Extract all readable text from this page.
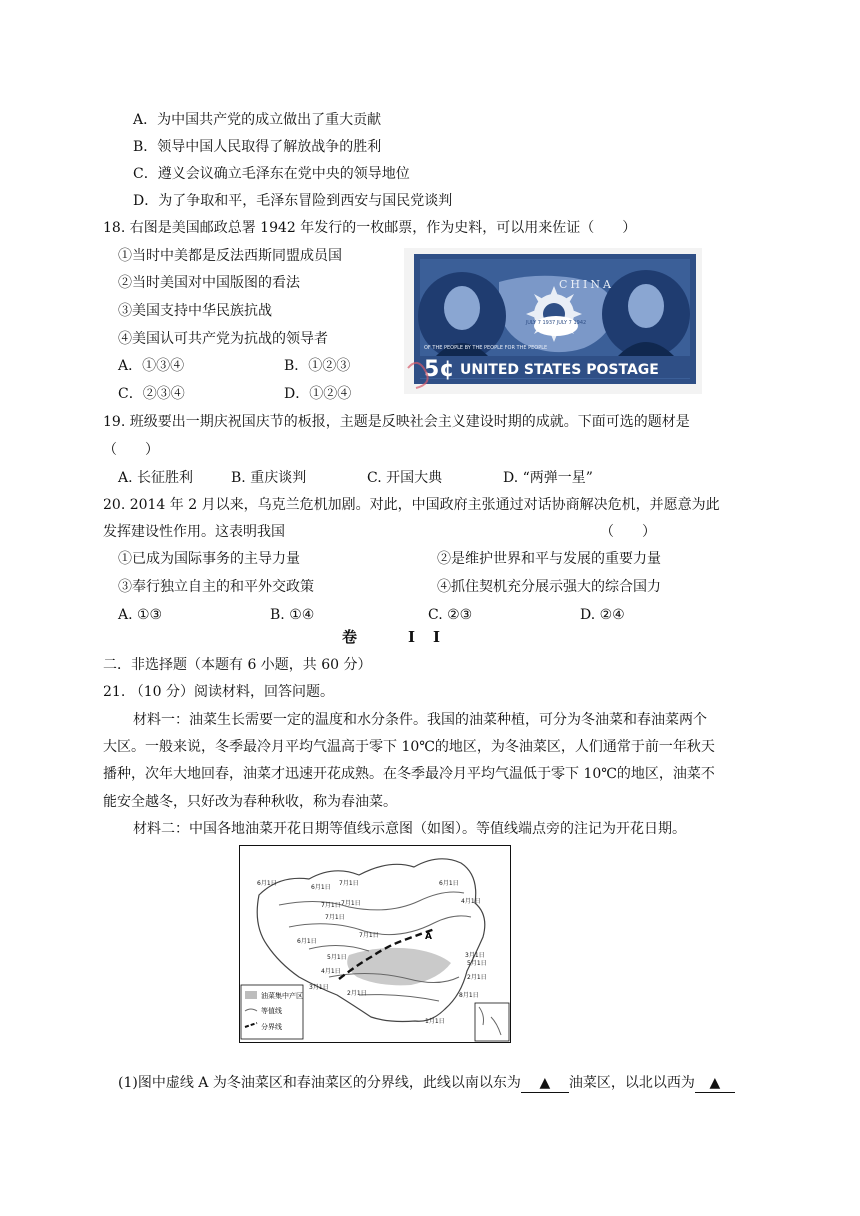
A．为中国共产党的成立做出了重大贡献
B．领导中国人民取得了解放战争的胜利
C．遵义会议确立毛泽东在党中央的领导地位
D．为了争取和平，毛泽东冒险到西安与国民党谈判
18. 右图是美国邮政总署 1942 年发行的一枚邮票，作为史料，可以用来佐证（　　）
①当时中美都是反法西斯同盟成员国
②当时美国对中国版图的看法
③美国支持中华民族抗战
④美国认可共产党为抗战的领导者
A．①③④	B．①②③
C．②③④	D．①②④
JULY 7 1937 JULY 7 1942
CHINA
OF THE PEOPLE BY THE PEOPLE FOR THE PEOPLE
5¢ UNITED STATES POSTAGE
19. 班级要出一期庆祝国庆节的板报，主题是反映社会主义建设时期的成就。下面可选的题材是
（　　）
A. 长征胜利	B. 重庆谈判	C. 开国大典	D. “两弹一星”
20. 2014 年 2 月以来，乌克兰危机加剧。对此，中国政府主张通过对话协商解决危机，并愿意为此
发挥建设性作用。这表明我国	（　　）
①已成为国际事务的主导力量	②是维护世界和平与发展的重要力量
③奉行独立自主的和平外交政策	④抓住契机充分展示强大的综合国力
A. ①③	B. ①④	C. ②③	D. ②④
卷　II
二．非选择题（本题有 6 小题，共 60 分）
21. （10 分）阅读材料，回答问题。
材料一：油菜生长需要一定的温度和水分条件。我国的油菜种植，可分为冬油菜和春油菜两个
大区。一般来说，冬季最冷月平均气温高于零下 10℃的地区，为冬油菜区，人们通常于前一年秋天
播种，次年大地回春，油菜才迅速开花成熟。在冬季最冷月平均气温低于零下 10℃的地区，油菜不
能安全越冬，只好改为春种秋收，称为春油菜。
材料二：中国各地油菜开花日期等值线示意图（如图）。等值线端点旁的注记为开花日期。
A
6月1日
6月1日
7月1日
7月1日 7月1日
7月1日
7月1日
6月1日
5月1日
4月1日
3月1日
2月1日
1月1日
2月1日
8月1日
6月1日
4月1日
5月1日
3月1日
油菜集中产区
等值线
分界线
(1)图中虚线 A 为冬油菜区和春油菜区的分界线，此线以南以东为 ▲ 油菜区，以北以西为 ▲
